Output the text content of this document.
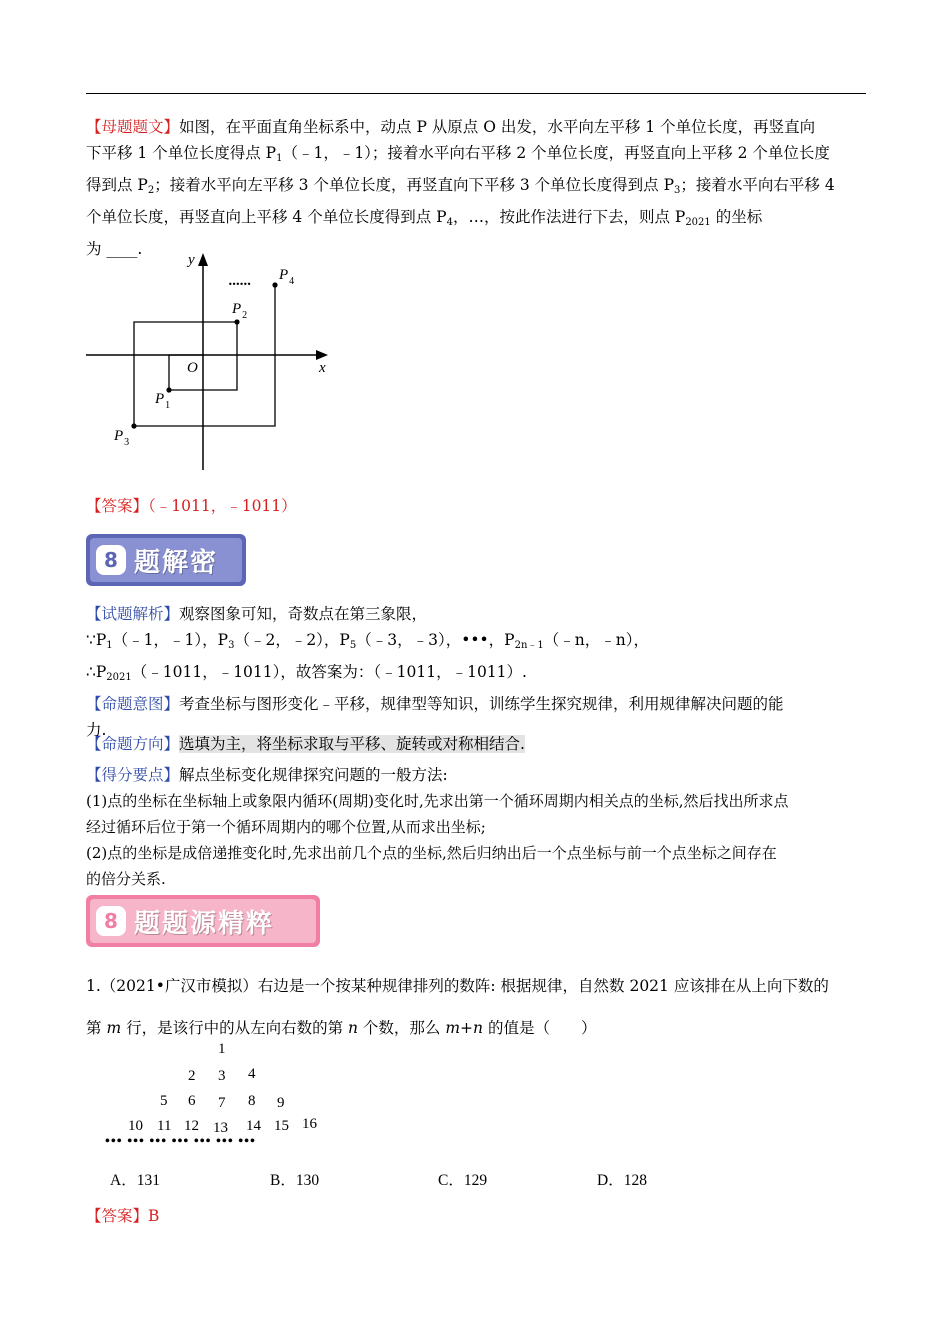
【母题题文】如图，在平面直角坐标系中，动点 P 从原点 O 出发，水平向左平移 1 个单位长度，再竖直向
下平移 1 个单位长度得点 $P_1(﹣1$，﹣1）；接着水平向右平移 2 个单位长度，再竖直向上平移 2 个单位长度
得到点 $P_2$；接着水平向左平移 3 个单位长度，再竖直向下平移 3 个单位长度得到点 $P_3$；接着水平向右平移 4
个单位长度，再竖直向上平移 4 个单位长度得到点 $P_4$，…，按此作法进行下去，则点 $P_{2021}$ 的坐标
为 ____.
y
x
O
......
$P_1$
$P_2$
$P_3$
$P_4$
【答案】（﹣1011，﹣1011）
8 题解密
【试题解析】观察图象可知，奇数点在第三象限，
$\because P_1(﹣1$，﹣1），$P_3(﹣2$，﹣2），$P_5(﹣3$，﹣3），•••，$P_{2n﹣1}(﹣n$，﹣n），
$\therefore P_{2021}(﹣1011$，﹣1011），故答案为：（﹣1011，﹣1011）.
【命题意图】考查坐标与图形变化﹣平移，规律型等知识，训练学生探究规律，利用规律解决问题的能
力.
【命题方向】选填为主，将坐标求取与平移、旋转或对称相结合.
【得分要点】解点坐标变化规律探究问题的一般方法:
(1)点的坐标在坐标轴上或象限内循环(周期)变化时,先求出第一个循环周期内相关点的坐标,然后找出所求点
经过循环后位于第一个循环周期内的哪个位置,从而求出坐标;
(2)点的坐标是成倍递推变化时,先求出前几个点的坐标,然后归纳出后一个点坐标与前一个点坐标之间存在
的倍分关系.
8 题题源精粹
1.（2021•广汉市模拟）右边是一个按某种规律排列的数阵: 根据规律，自然数 2021 应该排在从上向下数的
第 m 行，是该行中的从左向右数的第 n 个数，那么 m+n 的值是（　　）
1
2 3 4
5 6 7 8 9
10 11 12 13 14 15 16
••• ••• ••• ••• ••• ••• •••
A．131	B．130	C．129	D．128
【答案】B
